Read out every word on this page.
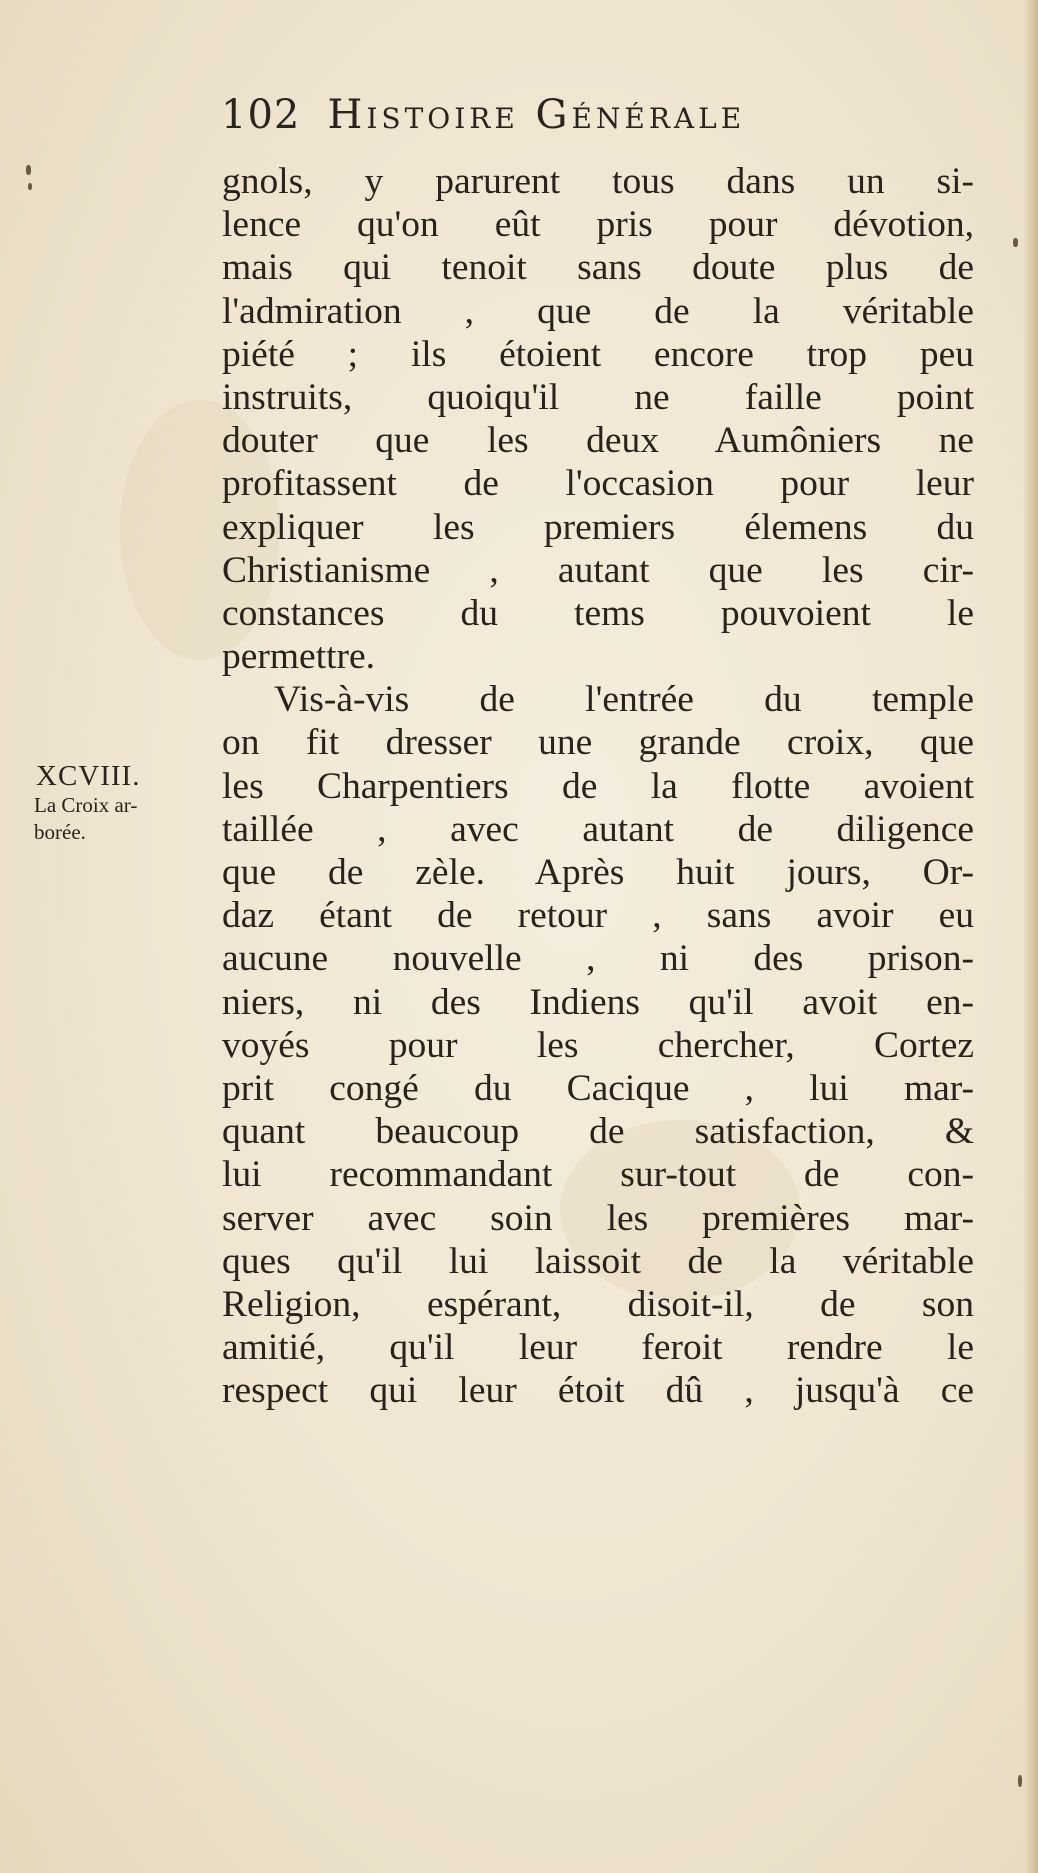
102 Histoire Générale
XCVIII.
La Croix ar-
borée.
gnols, y parurent tous dans un si-
lence qu'on eût pris pour dévotion,
mais qui tenoit sans doute plus de
l'admiration , que de la véritable
piété ; ils étoient encore trop peu
instruits, quoiqu'il ne faille point
douter que les deux Aumôniers ne
profitassent de l'occasion pour leur
expliquer les premiers élemens du
Christianisme , autant que les cir-
constances du tems pouvoient le
permettre.
Vis-à-vis de l'entrée du temple
on fit dresser une grande croix, que
les Charpentiers de la flotte avoient
taillée , avec autant de diligence
que de zèle. Après huit jours, Or-
daz étant de retour , sans avoir eu
aucune nouvelle , ni des prison-
niers, ni des Indiens qu'il avoit en-
voyés pour les chercher, Cortez
prit congé du Cacique , lui mar-
quant beaucoup de satisfaction, &
lui recommandant sur-tout de con-
server avec soin les premières mar-
ques qu'il lui laissoit de la véritable
Religion, espérant, disoit-il, de son
amitié, qu'il leur feroit rendre le
respect qui leur étoit dû , jusqu'à ce
